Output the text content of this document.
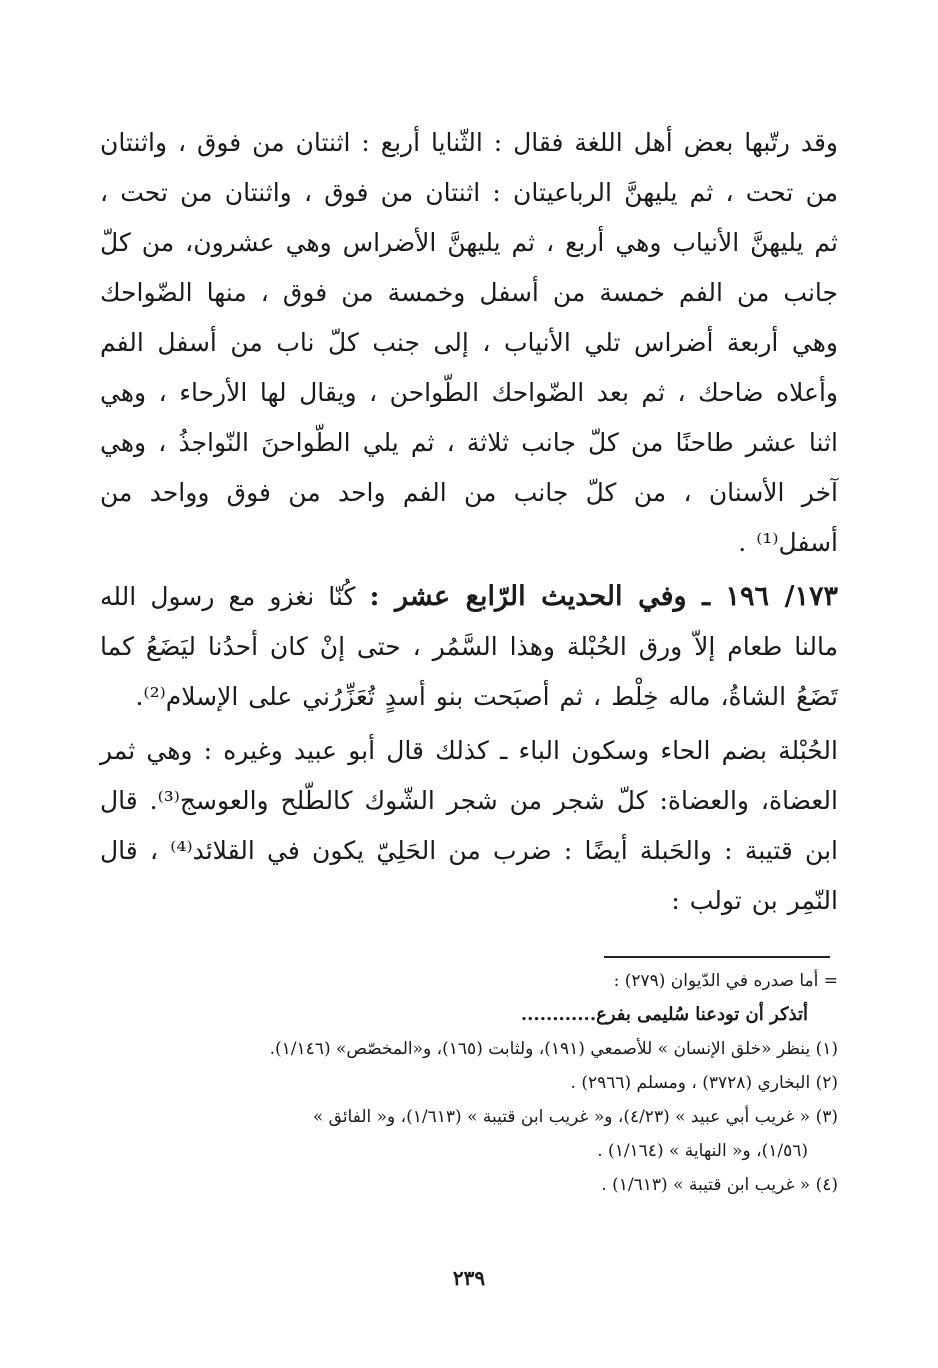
وقد رتّبها بعض أهل اللغة فقال : الثّنايا أربع : اثنتان من فوق ، واثنتان من تحت ، ثم يليهنَّ الرباعيتان : اثنتان من فوق ، واثنتان من تحت ، ثم يليهنَّ الأنياب وهي أربع ، ثم يليهنَّ الأضراس وهي عشرون، من كلّ جانب من الفم خمسة من أسفل وخمسة من فوق ، منها الضّواحك وهي أربعة أضراس تلي الأنياب ، إلى جنب كلّ ناب من أسفل الفم وأعلاه ضاحك ، ثم بعد الضّواحك الطّواحن ، ويقال لها الأرحاء ، وهي اثنا عشر طاحنًا من كلّ جانب ثلاثة ، ثم يلي الطّواحنَ النّواجذُ ، وهي آخر الأسنان ، من كلّ جانب من الفم واحد من فوق وواحد من أسفل⁽¹⁾ .

١٧٣/ ١٩٦ ـ وفي الحديث الرّابع عشر : كُنّا نغزو مع رسول الله مالنا طعام إلاّ ورق الحُبْلة وهذا السَّمُر ، حتى إنْ كان أحدُنا ليَضَعُ كما تَضَعُ الشاةُ، ماله خِلْط ، ثم أصبَحت بنو أسدٍ تُعَزِّرُني على الإسلام⁽²⁾.

الحُبْلة بضم الحاء وسكون الباء ـ كذلك قال أبو عبيد وغيره : وهي ثمر العضاة، والعضاة: كلّ شجر من شجر الشّوك كالطّلح والعوسج⁽³⁾. قال ابن قتيبة : والحَبلة أيضًا : ضرب من الحَلِيّ يكون في القلائد⁽⁴⁾ ، قال النّمِر بن تولب :

= أما صدره في الدّيوان (٢٧٩) :

أتذكر أن تودعنا سُليمى بفرع............

(١) ينظر «خلق الإنسان » للأصمعي (١٩١)، ولثابت (١٦٥)، و«المخصّص» (١/١٤٦).

(٢) البخاري (٣٧٢٨) ، ومسلم (٢٩٦٦) .

(٣) « غريب أبي عبيد » (٤/٢٣)، و« غريب ابن قتيبة » (١/٦١٣)، و« الفائق »

(١/٥٦)، و« النهاية » (١/١٦٤) .

(٤) « غريب ابن قتيبة » (١/٦١٣) .

٢٣٩
